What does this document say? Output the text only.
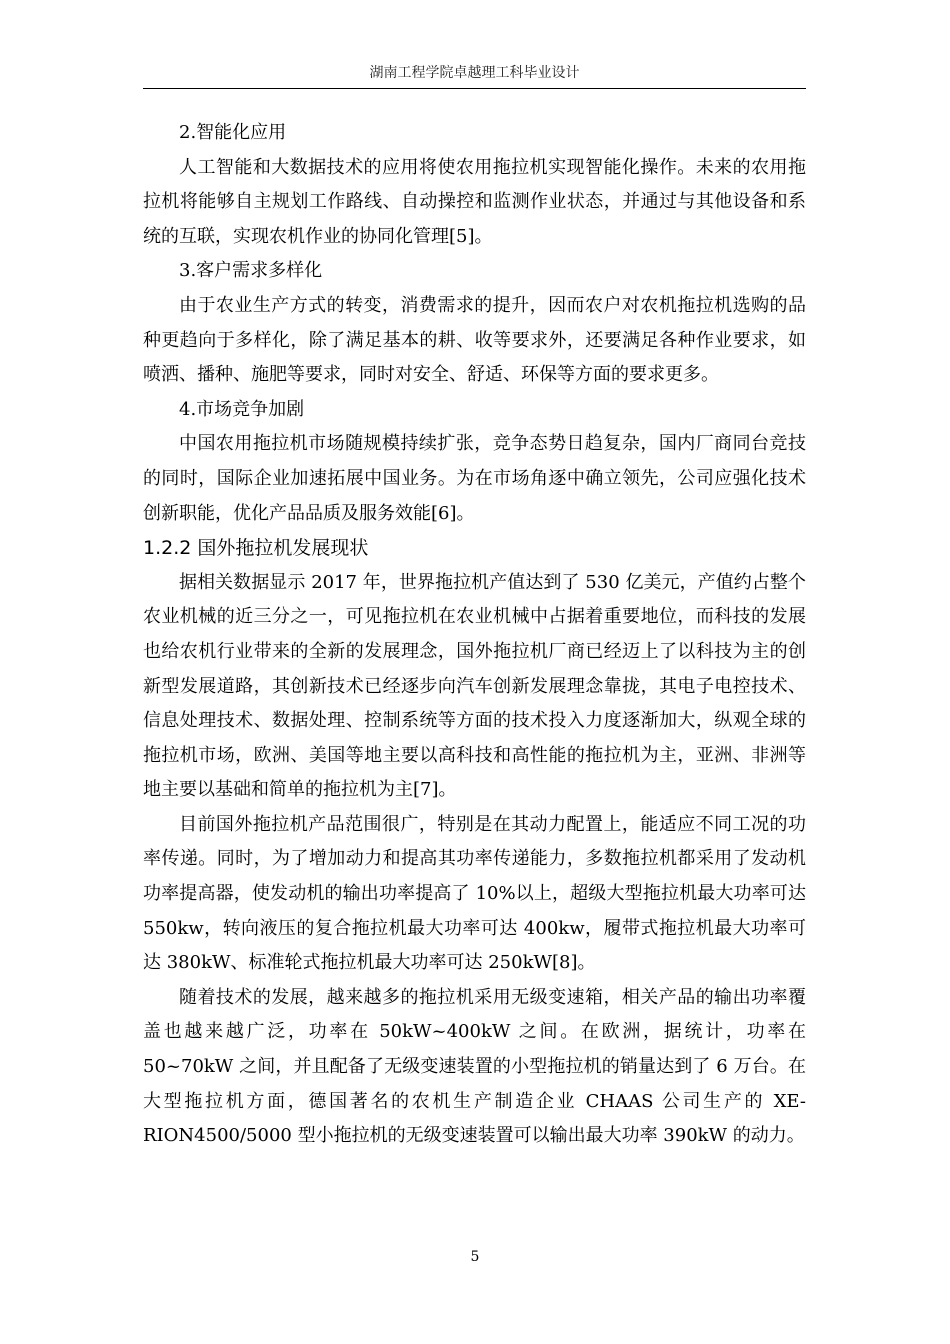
湖南工程学院卓越理工科毕业设计

2.智能化应用

人工智能和大数据技术的应用将使农用拖拉机实现智能化操作。未来的农用拖拉机将能够自主规划工作路线、自动操控和监测作业状态，并通过与其他设备和系统的互联，实现农机作业的协同化管理[5]。

3.客户需求多样化

由于农业生产方式的转变，消费需求的提升，因而农户对农机拖拉机选购的品种更趋向于多样化，除了满足基本的耕、收等要求外，还要满足各种作业要求，如喷洒、播种、施肥等要求，同时对安全、舒适、环保等方面的要求更多。

4.市场竞争加剧

中国农用拖拉机市场随规模持续扩张，竞争态势日趋复杂，国内厂商同台竞技的同时，国际企业加速拓展中国业务。为在市场角逐中确立领先，公司应强化技术创新职能，优化产品品质及服务效能[6]。

1.2.2 国外拖拉机发展现状

据相关数据显示 2017 年，世界拖拉机产值达到了 530 亿美元，产值约占整个农业机械的近三分之一，可见拖拉机在农业机械中占据着重要地位，而科技的发展也给农机行业带来的全新的发展理念，国外拖拉机厂商已经迈上了以科技为主的创新型发展道路，其创新技术已经逐步向汽车创新发展理念靠拢，其电子电控技术、信息处理技术、数据处理、控制系统等方面的技术投入力度逐渐加大，纵观全球的拖拉机市场，欧洲、美国等地主要以高科技和高性能的拖拉机为主，亚洲、非洲等地主要以基础和简单的拖拉机为主[7]。

目前国外拖拉机产品范围很广，特别是在其动力配置上，能适应不同工况的功率传递。同时，为了增加动力和提高其功率传递能力，多数拖拉机都采用了发动机功率提高器，使发动机的输出功率提高了 10%以上，超级大型拖拉机最大功率可达 550kw，转向液压的复合拖拉机最大功率可达 400kw，履带式拖拉机最大功率可达 380kW、标准轮式拖拉机最大功率可达 250kW[8]。

随着技术的发展，越来越多的拖拉机采用无级变速箱，相关产品的输出功率覆盖也越来越广泛，功率在 50kW~400kW 之间。在欧洲，据统计，功率在 50~70kW 之间，并且配备了无级变速装置的小型拖拉机的销量达到了 6 万台。在大型拖拉机方面，德国著名的农机生产制造企业 CHAAS 公司生产的 XE-RION4500/5000 型小拖拉机的无级变速装置可以输出最大功率 390kW 的动力。

5
